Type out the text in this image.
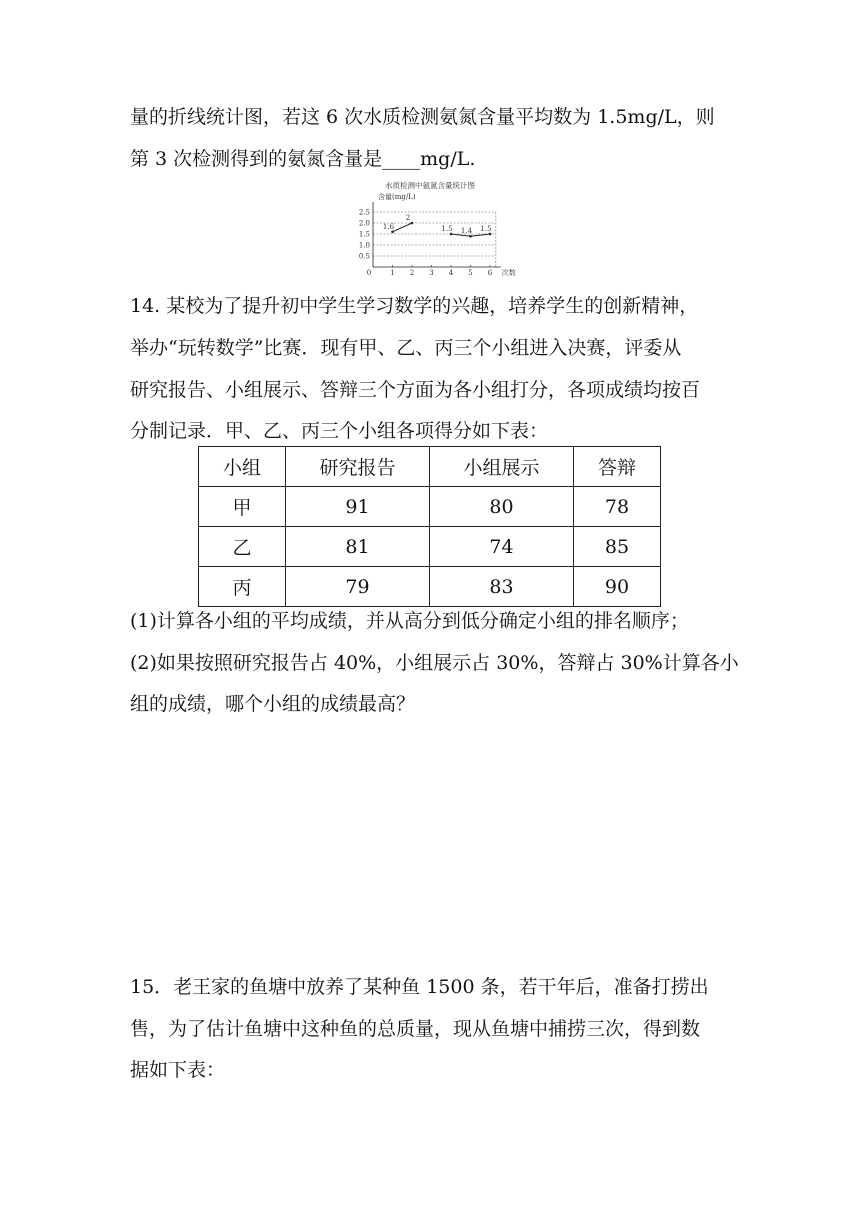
量的折线统计图，若这 6 次水质检测氨氮含量平均数为 1.5mg/L，则
第 3 次检测得到的氨氮含量是____mg/L.
水质检测中氨氮含量统计图
含量(mg/L)
0.5
1.0
1.5
2.0
2.5
0	1 2 3 4 5 6 次数
1.6
2
1.5 1.4 1.5
14. 某校为了提升初中学生学习数学的兴趣，培养学生的创新精神，
举办“玩转数学”比赛．现有甲、乙、丙三个小组进入决赛，评委从
研究报告、小组展示、答辩三个方面为各小组打分，各项成绩均按百
分制记录．甲、乙、丙三个小组各项得分如下表：
小组	研究报告	小组展示	答辩
甲	91	80	78
乙	81	74	85
丙	79	83	90
(1)计算各小组的平均成绩，并从高分到低分确定小组的排名顺序；
(2)如果按照研究报告占 40%，小组展示占 30%，答辩占 30%计算各小
组的成绩，哪个小组的成绩最高？
15．老王家的鱼塘中放养了某种鱼 1500 条，若干年后，准备打捞出
售，为了估计鱼塘中这种鱼的总质量，现从鱼塘中捕捞三次，得到数
据如下表：
